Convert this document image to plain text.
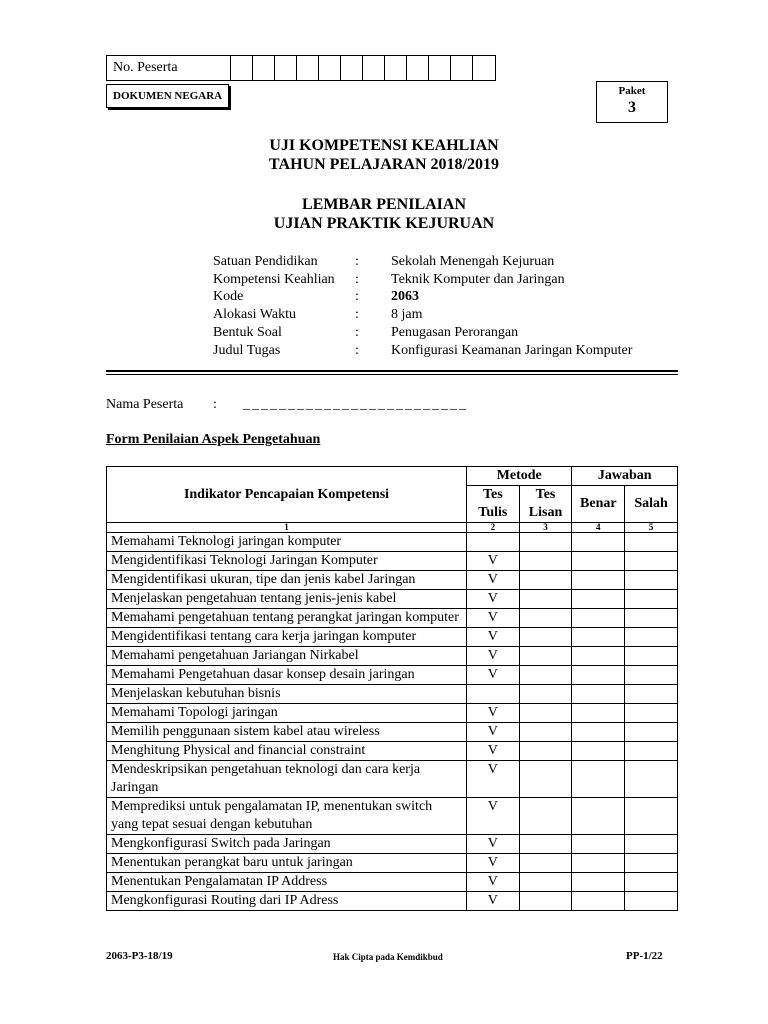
No. Peserta
DOKUMEN NEGARA	Paket
3
UJI KOMPETENSI KEAHLIAN
TAHUN PELAJARAN 2018/2019
LEMBAR PENILAIAN
UJIAN PRAKTIK KEJURUAN
Satuan Pendidikan	: Sekolah Menengah Kejuruan
Kompetensi Keahlian	: Teknik Komputer dan Jaringan
Kode	: 2063
Alokasi Waktu	: 8 jam
Bentuk Soal	: Penugasan Perorangan
Judul Tugas	: Konfigurasi Keamanan Jaringan Komputer
Nama Peserta : _________________________
Form Penilaian Aspek Pengetahuan
Indikator Pencapaian Kompetensi	Metode		Jawaban	
	Tes Tulis	Tes Lisan	Benar	Salah
1	2	3	4	5
Memahami Teknologi jaringan komputer				
Mengidentifikasi Teknologi Jaringan Komputer	V			
Mengidentifikasi ukuran, tipe dan jenis kabel Jaringan	V			
Menjelaskan pengetahuan tentang jenis-jenis kabel	V			
Memahami pengetahuan tentang perangkat jaringan komputer	V			
Mengidentifikasi tentang cara kerja jaringan komputer	V			
Memahami pengetahuan Jariangan Nirkabel	V			
Memahami Pengetahuan dasar konsep desain jaringan	V			
Menjelaskan kebutuhan bisnis				
Memahami Topologi jaringan	V			
Memilih penggunaan sistem kabel atau wireless	V			
Menghitung Physical and financial constraint	V			
Mendeskripsikan pengetahuan teknologi dan cara kerja Jaringan	V			
Memprediksi untuk pengalamatan IP, menentukan switch yang tepat sesuai dengan kebutuhan	V			
Mengkonfigurasi Switch pada Jaringan	V			
Menentukan perangkat baru untuk jaringan	V			
Menentukan Pengalamatan IP Address	V			
Mengkonfigurasi Routing dari IP Adress	V			
2063-P3-18/19	Hak Cipta pada Kemdikbud	PP-1/22
